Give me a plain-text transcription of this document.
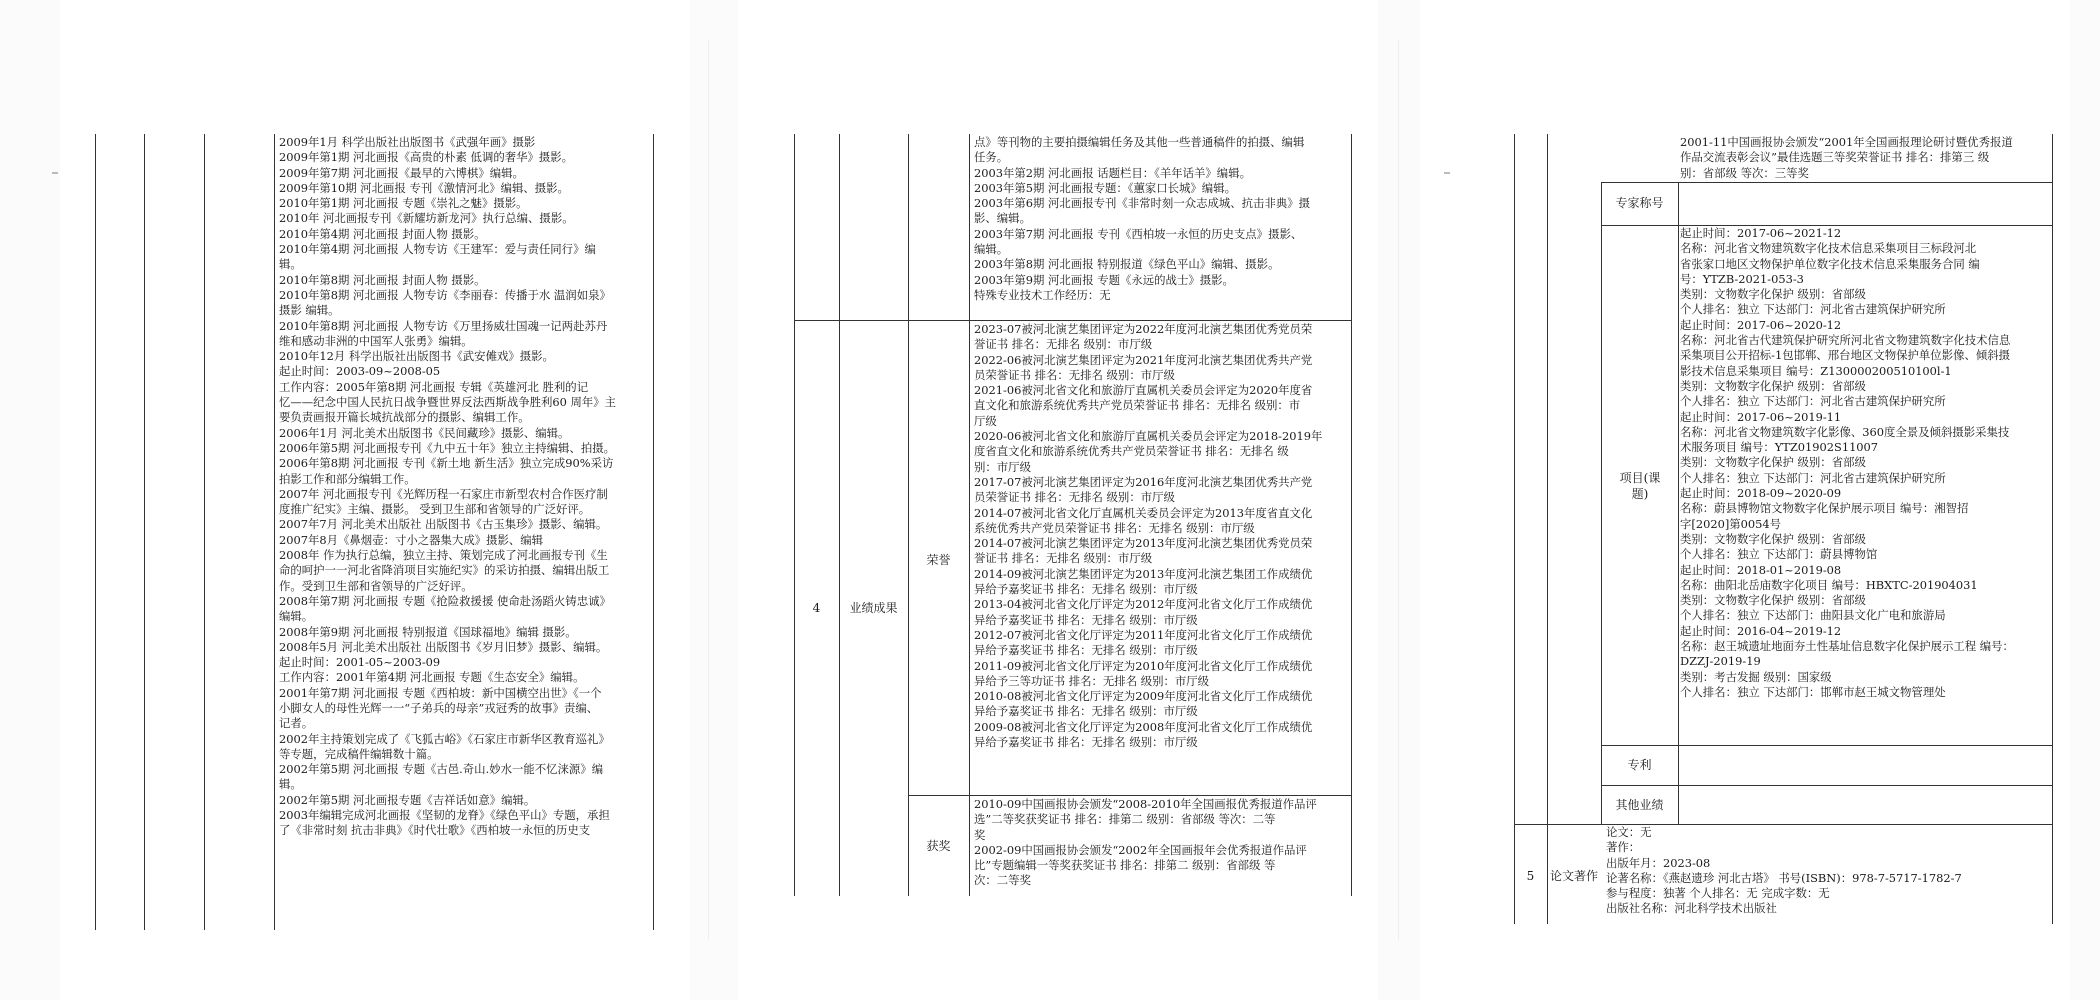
2009年1月 科学出版社出版图书《武强年画》摄影
2009年第1期 河北画报《高贵的朴素 低调的奢华》摄影。
2009年第7期 河北画报《最早的六博棋》编辑。
2009年第10期 河北画报 专刊《激情河北》编辑、摄影。
2010年第1期 河北画报 专题《崇礼之魅》摄影。
2010年 河北画报专刊《新耀坊新龙河》执行总编、摄影。
2010年第4期 河北画报 封面人物 摄影。
2010年第4期 河北画报 人物专访《王建军：爱与责任同行》编
辑。
2010年第8期 河北画报 封面人物 摄影。
2010年第8期 河北画报 人物专访《李丽春：传播于水 温润如泉》
摄影 编辑。
2010年第8期 河北画报 人物专访《万里扬威壮国魂一记两赴苏丹
维和感动非洲的中国军人张勇》编辑。
2010年12月 科学出版社出版图书《武安傩戏》摄影。
起止时间：2003-09~2008-05
工作内容：2005年第8期 河北画报 专辑《英雄河北 胜利的记
忆——纪念中国人民抗日战争暨世界反法西斯战争胜利60 周年》主
要负责画报开篇长城抗战部分的摄影、编辑工作。
2006年1月 河北美术出版图书《民间藏珍》摄影、编辑。
2006年第5期 河北画报专刊《九中五十年》独立主持编辑、拍摄。
2006年第8期 河北画报 专刊《新土地 新生活》独立完成90%采访
拍影工作和部分编辑工作。
2007年 河北画报专刊《光辉历程一石家庄市新型农村合作医疗制
度推广纪实》主编、摄影。 受到卫生部和省领导的广泛好评。
2007年7月 河北美术出版社 出版图书《古玉集珍》摄影、编辑。
2007年8月《鼻烟壶：寸小之器集大成》摄影、编辑
2008年 作为执行总编，独立主持、策划完成了河北画报专刊《生
命的呵护一一河北省降消项目实施纪实》的采访拍摄、编辑出版工
作。受到卫生部和省领导的广泛好评。
2008年第7期 河北画报 专题《抢险救援援 使命赴汤蹈火铸忠诚》
编辑。
2008年第9期 河北画报 特别报道《国球福地》编辑 摄影。
2008年5月 河北美术出版社 出版图书《岁月旧梦》摄影、编辑。
起止时间：2001-05~2003-09
工作内容：2001年第4期 河北画报 专题《生态安全》编辑。
2001年第7期 河北画报 专题《西柏坡：新中国横空出世》《一个
小脚女人的母性光辉一一“子弟兵的母亲”戎冠秀的故事》责编、
记者。
2002年主持策划完成了《飞狐古峪》《石家庄市新华区教育巡礼》
等专题，完成稿件编辑数十篇。
2002年第5期 河北画报 专题《古邑.奇山.妙水一能不忆涞源》编
辑。
2002年第5期 河北画报专题《吉祥话如意》编辑。
2003年编辑完成河北画报《坚韧的龙脊》《绿色平山》专题，承担
了《非常时刻 抗击非典》《时代壮歌》《西柏坡一永恒的历史支
点》等刊物的主要拍摄编辑任务及其他一些普通稿件的拍摄、编辑
任务。
2003年第2期 河北画报 话题栏目：《羊年话羊》编辑。
2003年第5期 河北画报专题：《蕙家口长城》编辑。
2003年第6期 河北画报专刊《非常时刻一众志成城、抗击非典》摄
影、编辑。
2003年第7期 河北画报 专刊《西柏坡一永恒的历史支点》摄影、
编辑。
2003年第8期 河北画报 特别报道《绿色平山》编辑、摄影。
2003年第9期 河北画报 专题《永远的战士》摄影。
特殊专业技术工作经历：无
4	业绩成果
荣誉
获奖
2023-07被河北演艺集团评定为2022年度河北演艺集团优秀党员荣
誉证书 排名：无排名 级别：市厅级
2022-06被河北演艺集团评定为2021年度河北演艺集团优秀共产党
员荣誉证书 排名：无排名 级别：市厅级
2021-06被河北省文化和旅游厅直属机关委员会评定为2020年度省
直文化和旅游系统优秀共产党员荣誉证书 排名：无排名 级别：市
厅级
2020-06被河北省文化和旅游厅直属机关委员会评定为2018-2019年
度省直文化和旅游系统优秀共产党员荣誉证书 排名：无排名 级
别：市厅级
2017-07被河北演艺集团评定为2016年度河北演艺集团优秀共产党
员荣誉证书 排名：无排名 级别：市厅级
2014-07被河北省文化厅直属机关委员会评定为2013年度省直文化
系统优秀共产党员荣誉证书 排名：无排名 级别：市厅级
2014-07被河北演艺集团评定为2013年度河北演艺集团优秀党员荣
誉证书 排名：无排名 级别：市厅级
2014-09被河北演艺集团评定为2013年度河北演艺集团工作成绩优
异给予嘉奖证书 排名：无排名 级别：市厅级
2013-04被河北省文化厅评定为2012年度河北省文化厅工作成绩优
异给予嘉奖证书 排名：无排名 级别：市厅级
2012-07被河北省文化厅评定为2011年度河北省文化厅工作成绩优
异给予嘉奖证书 排名：无排名 级别：市厅级
2011-09被河北省文化厅评定为2010年度河北省文化厅工作成绩优
异给予三等功证书 排名：无排名 级别：市厅级
2010-08被河北省文化厅评定为2009年度河北省文化厅工作成绩优
异给予嘉奖证书 排名：无排名 级别：市厅级
2009-08被河北省文化厅评定为2008年度河北省文化厅工作成绩优
异给予嘉奖证书 排名：无排名 级别：市厅级
2010-09中国画报协会颁发“2008-2010年全国画报优秀报道作品评
选”二等奖获奖证书 排名：排第二 级别：省部级 等次：二等
奖
2002-09中国画报协会颁发“2002年全国画报年会优秀报道作品评
比”专题编辑一等奖获奖证书 排名：排第二 级别：省部级 等
次：二等奖
2001-11中国画报协会颁发“2001年全国画报理论研讨暨优秀报道
作品交流表彰会议”最佳选题三等奖荣誉证书 排名：排第三 级
别：省部级 等次：三等奖
专家称号
项目(课题)
起止时间：2017-06~2021-12
名称：河北省文物建筑数字化技术信息采集项目三标段河北
省张家口地区文物保护单位数字化技术信息采集服务合同 编
号：YTZB-2021-053-3
类别：文物数字化保护 级别：省部级
个人排名：独立 下达部门：河北省古建筑保护研究所
起止时间：2017-06~2020-12
名称：河北省古代建筑保护研究所河北省文物建筑数字化技术信息
采集项目公开招标-1包邯郸、邢台地区文物保护单位影像、倾斜摄
影技术信息采集项目 编号：Z130000200510100l-1
类别：文物数字化保护 级别：省部级
个人排名：独立 下达部门：河北省古建筑保护研究所
起止时间：2017-06~2019-11
名称：河北省文物建筑数字化影像、360度全景及倾斜摄影采集技
术服务项目 编号：YTZ01902S11007
类别：文物数字化保护 级别：省部级
个人排名：独立 下达部门：河北省古建筑保护研究所
起止时间：2018-09~2020-09
名称：蔚县博物馆文物数字化保护展示项目 编号：湘智招
字[2020]第0054号
类别：文物数字化保护 级别：省部级
个人排名：独立 下达部门：蔚县博物馆
起止时间：2018-01~2019-08
名称：曲阳北岳庙数字化项目 编号：HBXTC-201904031
类别：文物数字化保护 级别：省部级
个人排名：独立 下达部门：曲阳县文化广电和旅游局
起止时间：2016-04~2019-12
名称：赵王城遗址地面夯土性基址信息数字化保护展示工程 编号：
DZZJ-2019-19
类别：考古发掘 级别：国家级
个人排名：独立 下达部门：邯郸市赵王城文物管理处
专利
其他业绩
5	论文著作
论文：无
著作：
出版年月：2023-08
论著名称：《燕赵遗珍 河北古塔》 书号(ISBN)：978-7-5717-1782-7
参与程度：独著 个人排名：无 完成字数：无
出版社名称：河北科学技术出版社
